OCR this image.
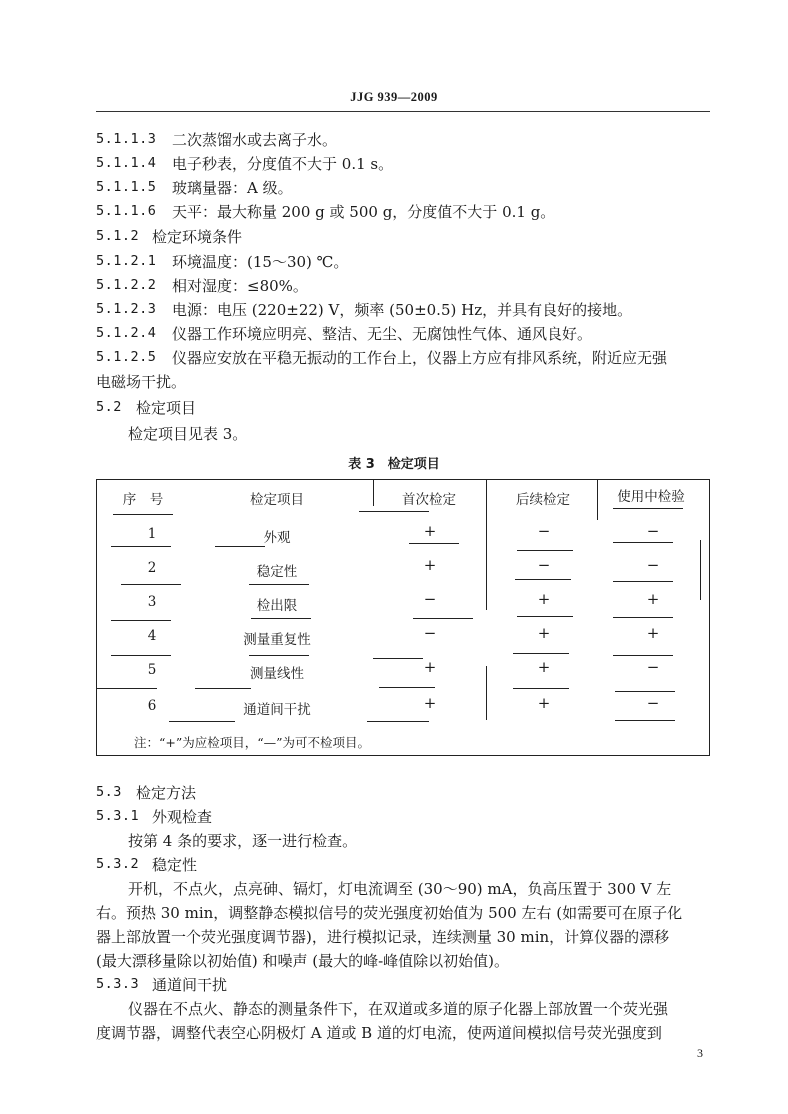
JJG 939—2009
5.1.1.3 二次蒸馏水或去离子水。
5.1.1.4 电子秒表，分度值不大于 0.1 s。
5.1.1.5 玻璃量器：A 级。
5.1.1.6 天平：最大称量 200 g 或 500 g，分度值不大于 0.1 g。
5.1.2 检定环境条件
5.1.2.1 环境温度：(15～30) ℃。
5.1.2.2 相对湿度：≤80%。
5.1.2.3 电源：电压 (220±22) V，频率 (50±0.5) Hz，并具有良好的接地。
5.1.2.4 仪器工作环境应明亮、整洁、无尘、无腐蚀性气体、通风良好。
5.1.2.5 仪器应安放在平稳无振动的工作台上，仪器上方应有排风系统，附近应无强
电磁场干扰。
5.2 检定项目
检定项目见表 3。
表 3　检定项目
序　号	检定项目	首次检定	后续检定	使用中检验
1	外观	+	−	−
2	稳定性	+	−	−
3	检出限	−	+	+
4	测量重复性	−	+	+
5	测量线性	+	+	−
6	通道间干扰	+	+	−
注：“+”为应检项目，“—”为可不检项目。
5.3 检定方法
5.3.1 外观检查
按第 4 条的要求，逐一进行检查。
5.3.2 稳定性
开机，不点火，点亮砷、镉灯，灯电流调至 (30～90) mA，负高压置于 300 V 左
右。预热 30 min，调整静态模拟信号的荧光强度初始值为 500 左右 (如需要可在原子化
器上部放置一个荧光强度调节器)，进行模拟记录，连续测量 30 min，计算仪器的漂移
(最大漂移量除以初始值) 和噪声 (最大的峰-峰值除以初始值)。
5.3.3 通道间干扰
仪器在不点火、静态的测量条件下，在双道或多道的原子化器上部放置一个荧光强
度调节器，调整代表空心阴极灯 A 道或 B 道的灯电流，使两道间模拟信号荧光强度到
3
